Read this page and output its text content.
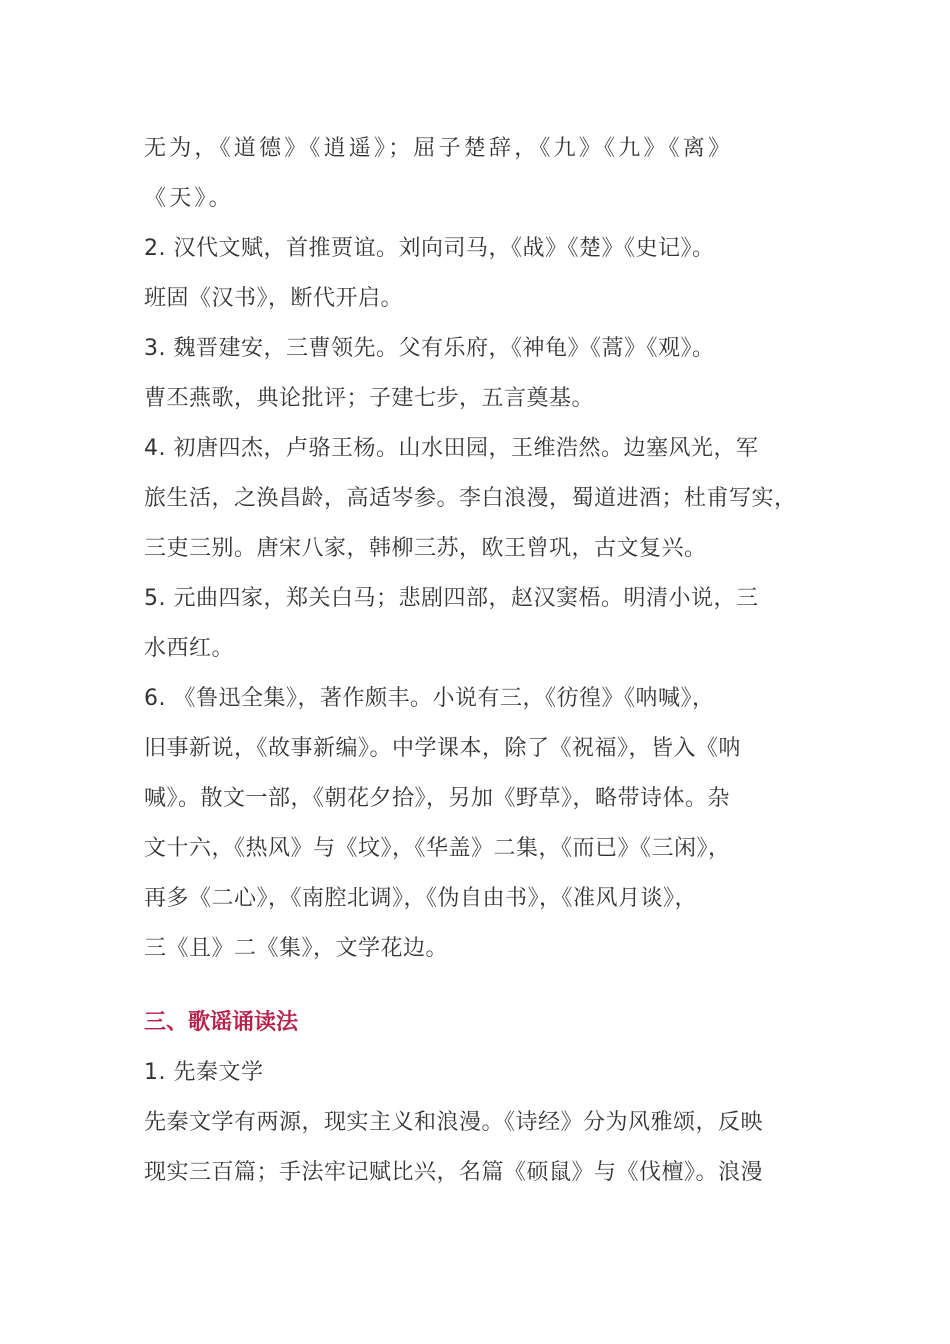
无为，《道德》《逍遥》；屈子楚辞，《九》《九》《离》
《天》。
2. 汉代文赋，首推贾谊。刘向司马，《战》《楚》《史记》。
班固《汉书》，断代开启。
3. 魏晋建安，三曹领先。父有乐府，《神龟》《蒿》《观》。
曹丕燕歌，典论批评；子建七步，五言奠基。
4. 初唐四杰，卢骆王杨。山水田园，王维浩然。边塞风光，军
旅生活，之涣昌龄，高适岑参。李白浪漫，蜀道进酒；杜甫写实，
三吏三别。唐宋八家，韩柳三苏，欧王曾巩，古文复兴。
5. 元曲四家，郑关白马；悲剧四部，赵汉窦梧。明清小说，三
水西红。
6. 《鲁迅全集》，著作颇丰。小说有三，《彷徨》《呐喊》，
旧事新说，《故事新编》。中学课本，除了《祝福》，皆入《呐
喊》。散文一部，《朝花夕拾》，另加《野草》，略带诗体。杂
文十六，《热风》与《坟》，《华盖》二集，《而已》《三闲》，
再多《二心》，《南腔北调》，《伪自由书》，《准风月谈》，
三《且》二《集》，文学花边。
三、歌谣诵读法
1. 先秦文学
先秦文学有两源，现实主义和浪漫。《诗经》分为风雅颂，反映
现实三百篇；手法牢记赋比兴，名篇《硕鼠》与《伐檀》。浪漫
